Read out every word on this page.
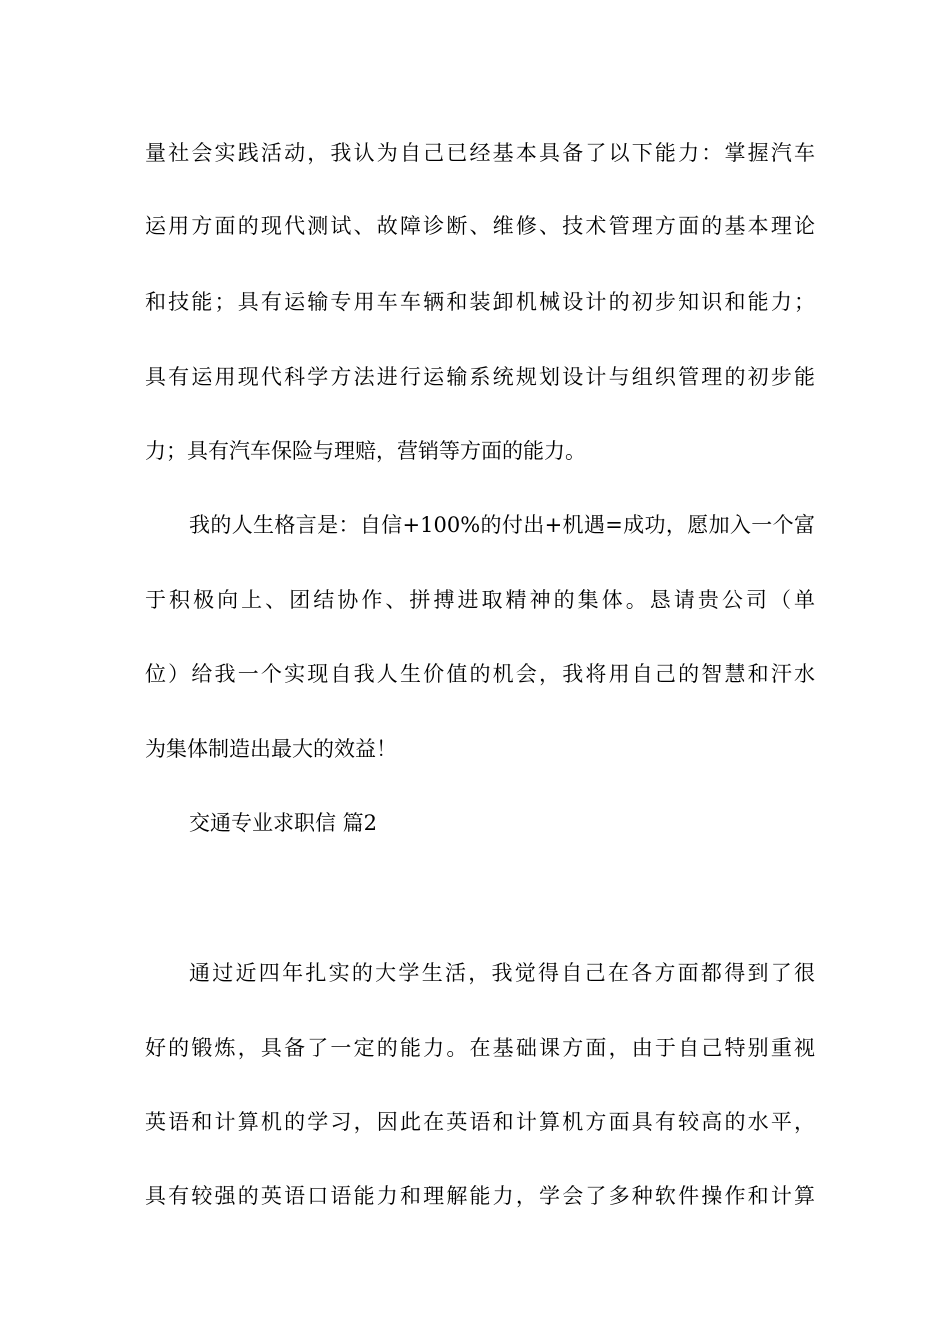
量社会实践活动，我认为自己已经基本具备了以下能力：掌握汽车
运用方面的现代测试、故障诊断、维修、技术管理方面的基本理论
和技能；具有运输专用车车辆和装卸机械设计的初步知识和能力；
具有运用现代科学方法进行运输系统规划设计与组织管理的初步能
力；具有汽车保险与理赔，营销等方面的能力。
我的人生格言是：自信+100%的付出+机遇=成功，愿加入一个富
于积极向上、团结协作、拼搏进取精神的集体。恳请贵公司（单
位）给我一个实现自我人生价值的机会，我将用自己的智慧和汗水
为集体制造出最大的效益！
交通专业求职信 篇2
通过近四年扎实的大学生活，我觉得自己在各方面都得到了很
好的锻炼，具备了一定的能力。在基础课方面，由于自己特别重视
英语和计算机的学习，因此在英语和计算机方面具有较高的水平，
具有较强的英语口语能力和理解能力，学会了多种软件操作和计算
